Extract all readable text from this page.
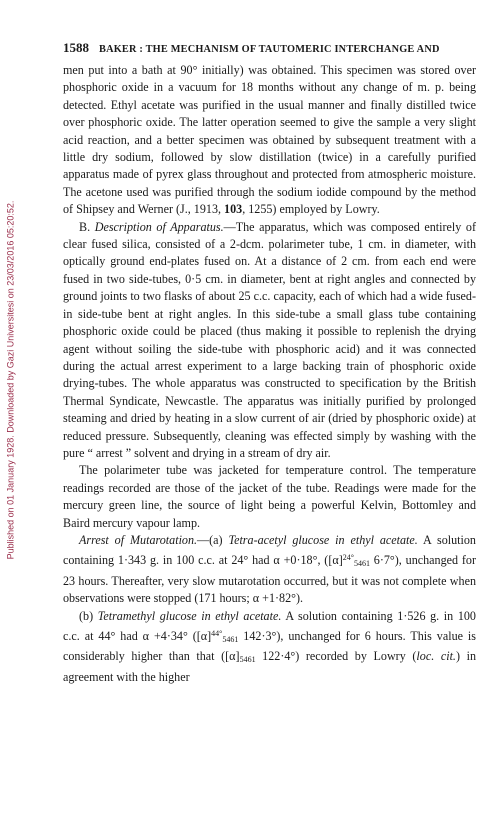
Published on 01 January 1928. Downloaded by Gazi Universitesi on 23/03/2016 05:20:52.
1588 BAKER : THE MECHANISM OF TAUTOMERIC INTERCHANGE AND

men put into a bath at 90° initially) was obtained. This specimen was stored over phosphoric oxide in a vacuum for 18 months without any change of m. p. being detected. Ethyl acetate was purified in the usual manner and finally distilled twice over phosphoric oxide. The latter operation seemed to give the sample a very slight acid reaction, and a better specimen was obtained by subsequent treatment with a little dry sodium, followed by slow distillation (twice) in a carefully purified apparatus made of pyrex glass throughout and protected from atmospheric moisture. The acetone used was purified through the sodium iodide compound by the method of Shipsey and Werner (J., 1913, 103, 1255) employed by Lowry.

B. Description of Apparatus.—The apparatus, which was composed entirely of clear fused silica, consisted of a 2-dcm. polarimeter tube, 1 cm. in diameter, with optically ground end-plates fused on. At a distance of 2 cm. from each end were fused in two side-tubes, 0·5 cm. in diameter, bent at right angles and connected by ground joints to two flasks of about 25 c.c. capacity, each of which had a wide fused-in side-tube bent at right angles. In this side-tube a small glass tube containing phosphoric oxide could be placed (thus making it possible to replenish the drying agent without soiling the side-tube with phosphoric acid) and it was connected during the actual arrest experiment to a large backing train of phosphoric oxide drying-tubes. The whole apparatus was constructed to specification by the British Thermal Syndicate, Newcastle. The apparatus was initially purified by prolonged steaming and dried by heating in a slow current of air (dried by phosphoric oxide) at reduced pressure. Subsequently, cleaning was effected simply by washing with the pure “ arrest ” solvent and drying in a stream of dry air.

The polarimeter tube was jacketed for temperature control. The temperature readings recorded are those of the jacket of the tube. Readings were made for the mercury green line, the source of light being a powerful Kelvin, Bottomley and Baird mercury vapour lamp.

Arrest of Mutarotation.—(a) Tetra-acetyl glucose in ethyl acetate. A solution containing 1·343 g. in 100 c.c. at 24° had α +0·18°, ($[\alpha]^{24^\circ}_{5461}$ 6·7°), unchanged for 23 hours. Thereafter, very slow mutarotation occurred, but it was not complete when observations were stopped (171 hours; α +1·82°).

(b) Tetramethyl glucose in ethyl acetate. A solution containing 1·526 g. in 100 c.c. at 44° had α +4·34° ($[\alpha]^{44^\circ}_{5461}$ 142·3°), unchanged for 6 hours. This value is considerably higher than that ($[\alpha]_{5461}$ 122·4°) recorded by Lowry (loc. cit.) in agreement with the higher
